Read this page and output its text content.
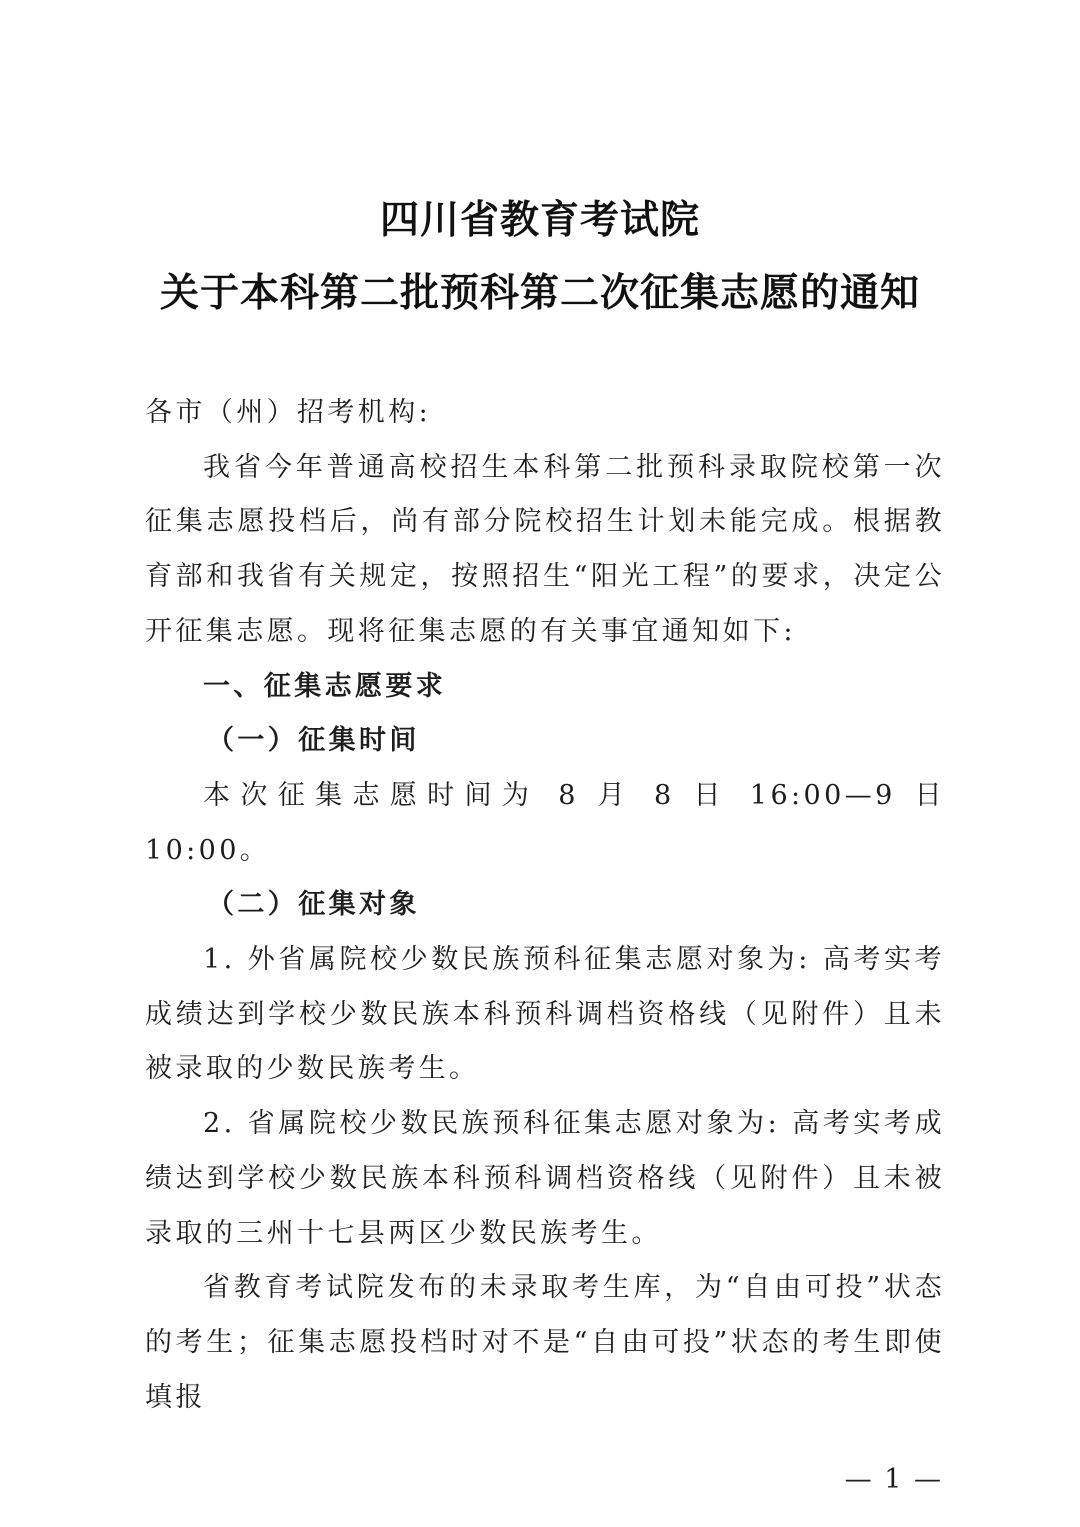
四川省教育考试院
关于本科第二批预科第二次征集志愿的通知

各市（州）招考机构:

我省今年普通高校招生本科第二批预科录取院校第一次征集志愿投档后，尚有部分院校招生计划未能完成。根据教育部和我省有关规定，按照招生“阳光工程”的要求，决定公开征集志愿。现将征集志愿的有关事宜通知如下:

一、征集志愿要求

（一）征集时间

本次征集志愿时间为 8 月 8 日 16:00—9 日 10:00。

（二）征集对象

1. 外省属院校少数民族预科征集志愿对象为: 高考实考成绩达到学校少数民族本科预科调档资格线（见附件）且未被录取的少数民族考生。

2. 省属院校少数民族预科征集志愿对象为: 高考实考成绩达到学校少数民族本科预科调档资格线（见附件）且未被录取的三州十七县两区少数民族考生。

省教育考试院发布的未录取考生库，为“自由可投”状态的考生；征集志愿投档时对不是“自由可投”状态的考生即使填报

— 1 —
